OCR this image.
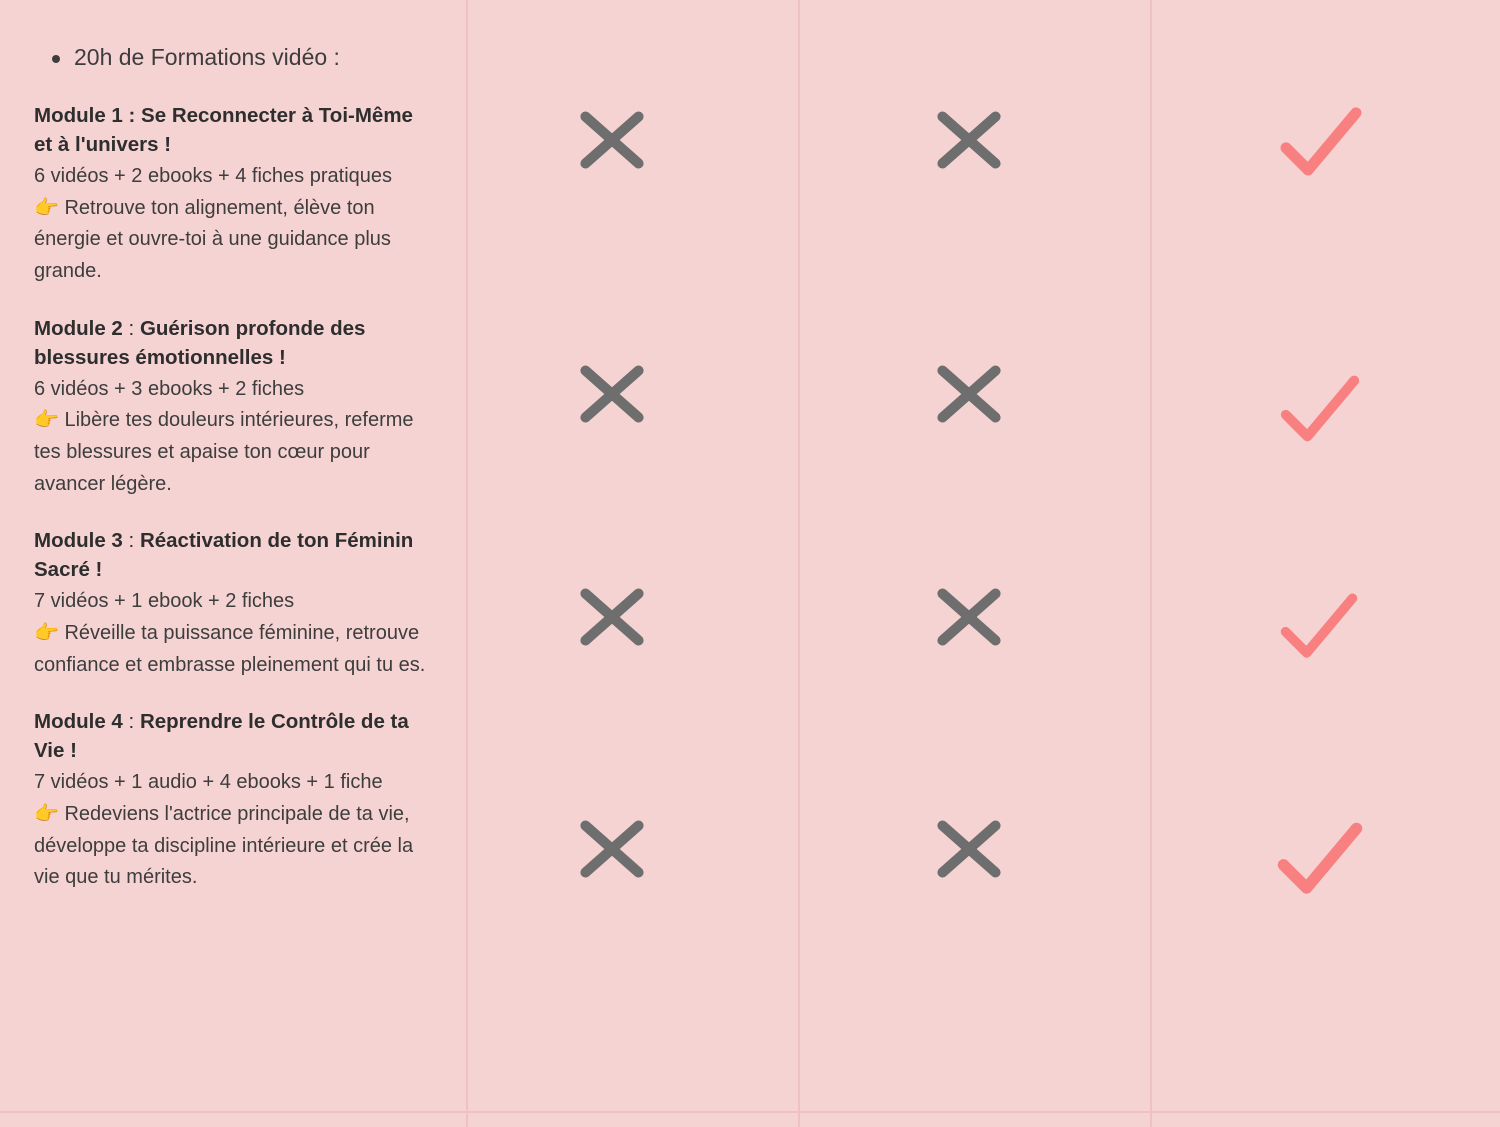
20h de Formations vidéo :

Module 1 : Se Reconnecter à Toi-Même et à l'univers !

6 vidéos + 2 ebooks + 4 fiches pratiques

👉 Retrouve ton alignement, élève ton énergie et ouvre-toi à une guidance plus grande.

Module 2 : Guérison profonde des blessures émotionnelles !

6 vidéos + 3 ebooks + 2 fiches

👉 Libère tes douleurs intérieures, referme tes blessures et apaise ton cœur pour avancer légère.

Module 3 : Réactivation de ton Féminin Sacré !

7 vidéos + 1 ebook + 2 fiches

👉 Réveille ta puissance féminine, retrouve confiance et embrasse pleinement qui tu es.

Module 4 : Reprendre le Contrôle de ta Vie !

7 vidéos + 1 audio + 4 ebooks + 1 fiche

👉 Redeviens l'actrice principale de ta vie, développe ta discipline intérieure et crée la vie que tu mérites.
